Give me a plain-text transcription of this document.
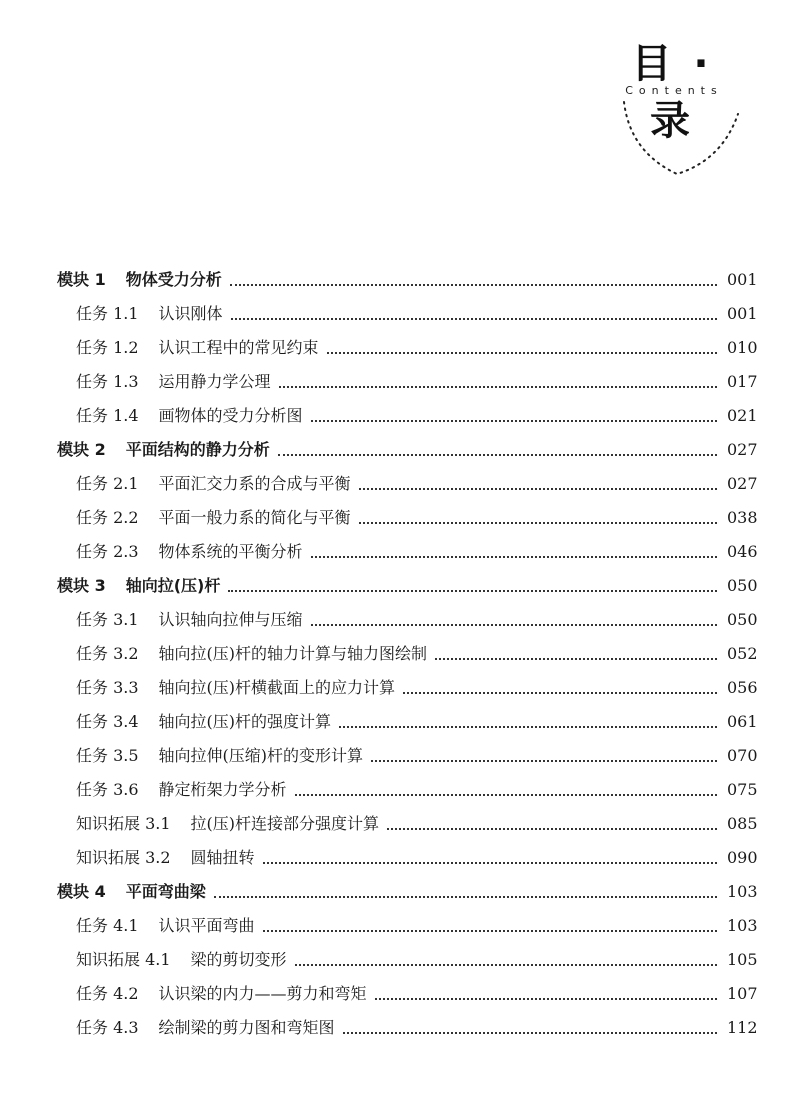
目 · 录
Contents
模块 1 物体受力分析	001
任务 1.1 认识刚体	001
任务 1.2 认识工程中的常见约束	010
任务 1.3 运用静力学公理	017
任务 1.4 画物体的受力分析图	021
模块 2 平面结构的静力分析	027
任务 2.1 平面汇交力系的合成与平衡	027
任务 2.2 平面一般力系的简化与平衡	038
任务 2.3 物体系统的平衡分析	046
模块 3 轴向拉(压)杆	050
任务 3.1 认识轴向拉伸与压缩	050
任务 3.2 轴向拉(压)杆的轴力计算与轴力图绘制	052
任务 3.3 轴向拉(压)杆横截面上的应力计算	056
任务 3.4 轴向拉(压)杆的强度计算	061
任务 3.5 轴向拉伸(压缩)杆的变形计算	070
任务 3.6 静定桁架力学分析	075
知识拓展 3.1 拉(压)杆连接部分强度计算	085
知识拓展 3.2 圆轴扭转	090
模块 4 平面弯曲梁	103
任务 4.1 认识平面弯曲	103
知识拓展 4.1 梁的剪切变形	105
任务 4.2 认识梁的内力——剪力和弯矩	107
任务 4.3 绘制梁的剪力图和弯矩图	112
